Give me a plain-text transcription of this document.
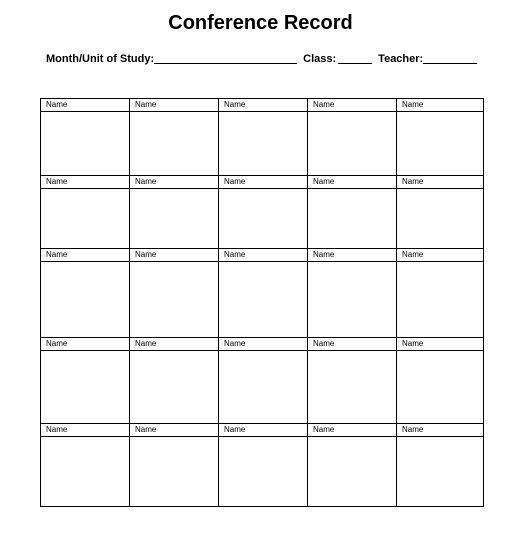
Conference Record
Month/Unit of Study:	Class:	Teacher:
Name	Name	Name	Name	Name
Name	Name	Name	Name	Name
Name	Name	Name	Name	Name
Name	Name	Name	Name	Name
Name	Name	Name	Name	Name
